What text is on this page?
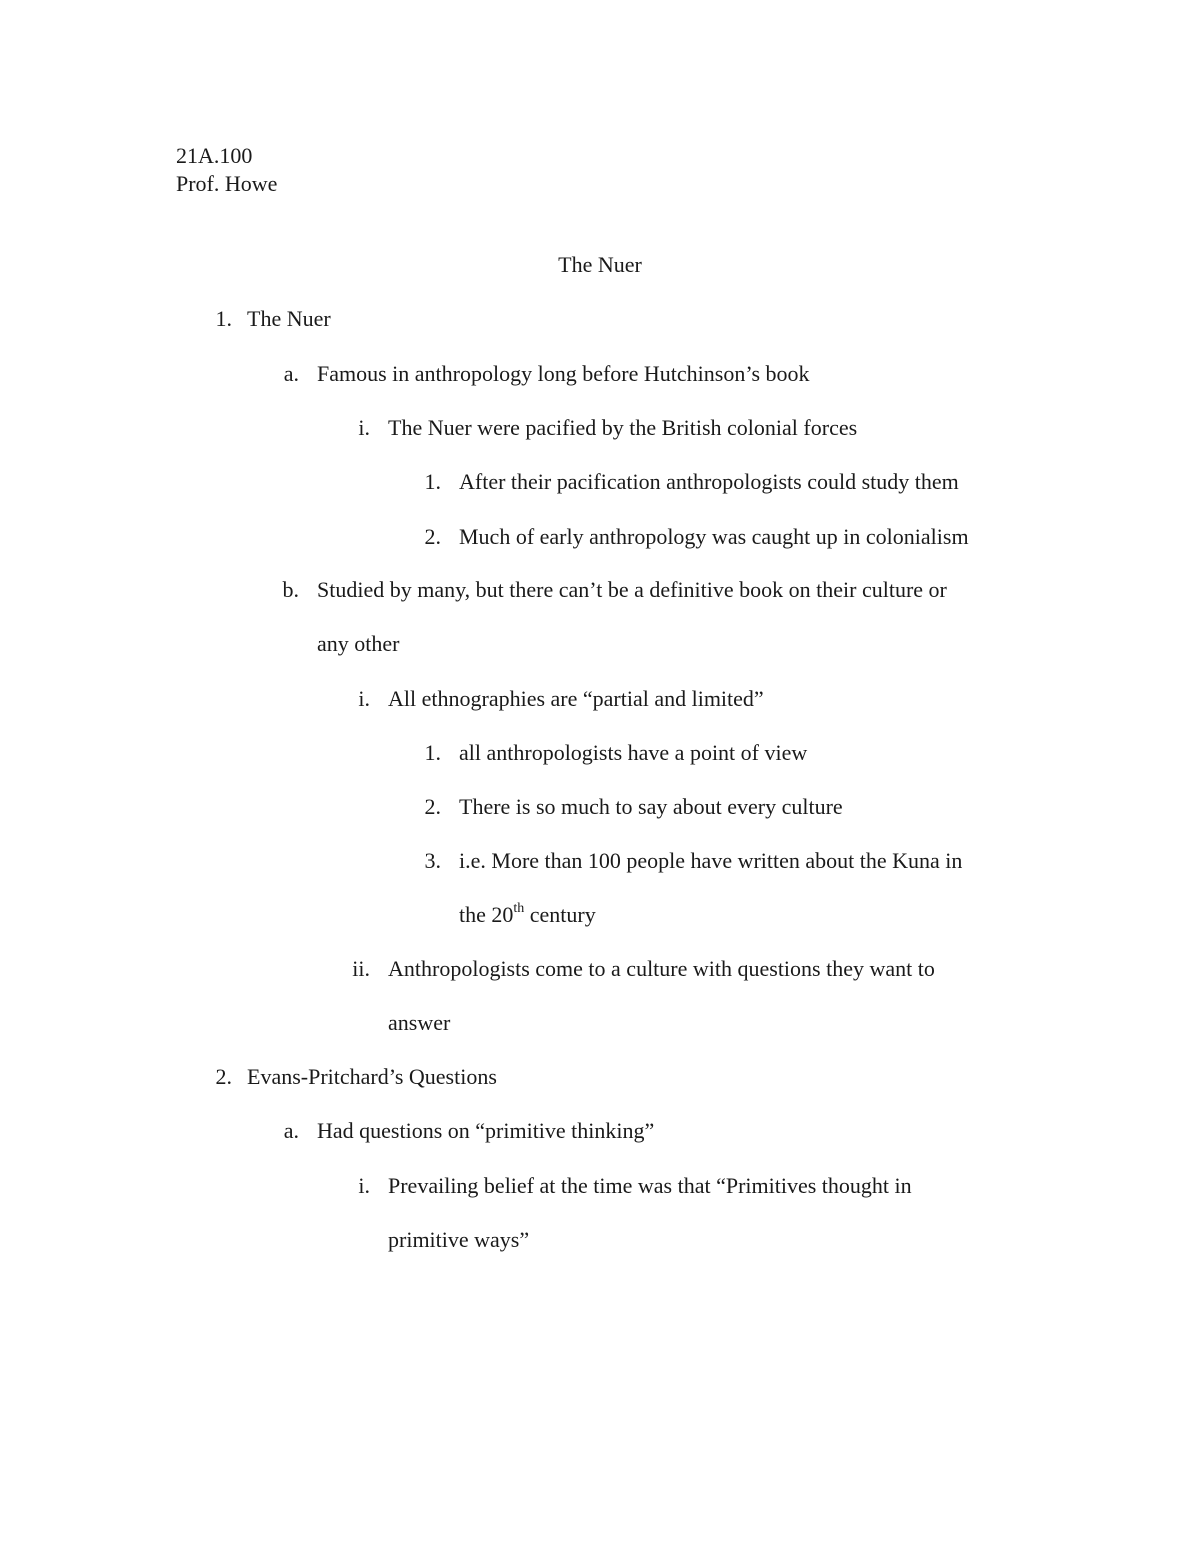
21A.100
Prof. Howe
The Nuer
1. The Nuer
a. Famous in anthropology long before Hutchinson’s book
i. The Nuer were pacified by the British colonial forces
1. After their pacification anthropologists could study them
2. Much of early anthropology was caught up in colonialism
b. Studied by many, but there can’t be a definitive book on their culture or
any other
i. All ethnographies are “partial and limited”
1. all anthropologists have a point of view
2. There is so much to say about every culture
3. i.e. More than 100 people have written about the Kuna in
the 20th century
ii. Anthropologists come to a culture with questions they want to
answer
2. Evans-Pritchard’s Questions
a. Had questions on “primitive thinking”
i. Prevailing belief at the time was that “Primitives thought in
primitive ways”
